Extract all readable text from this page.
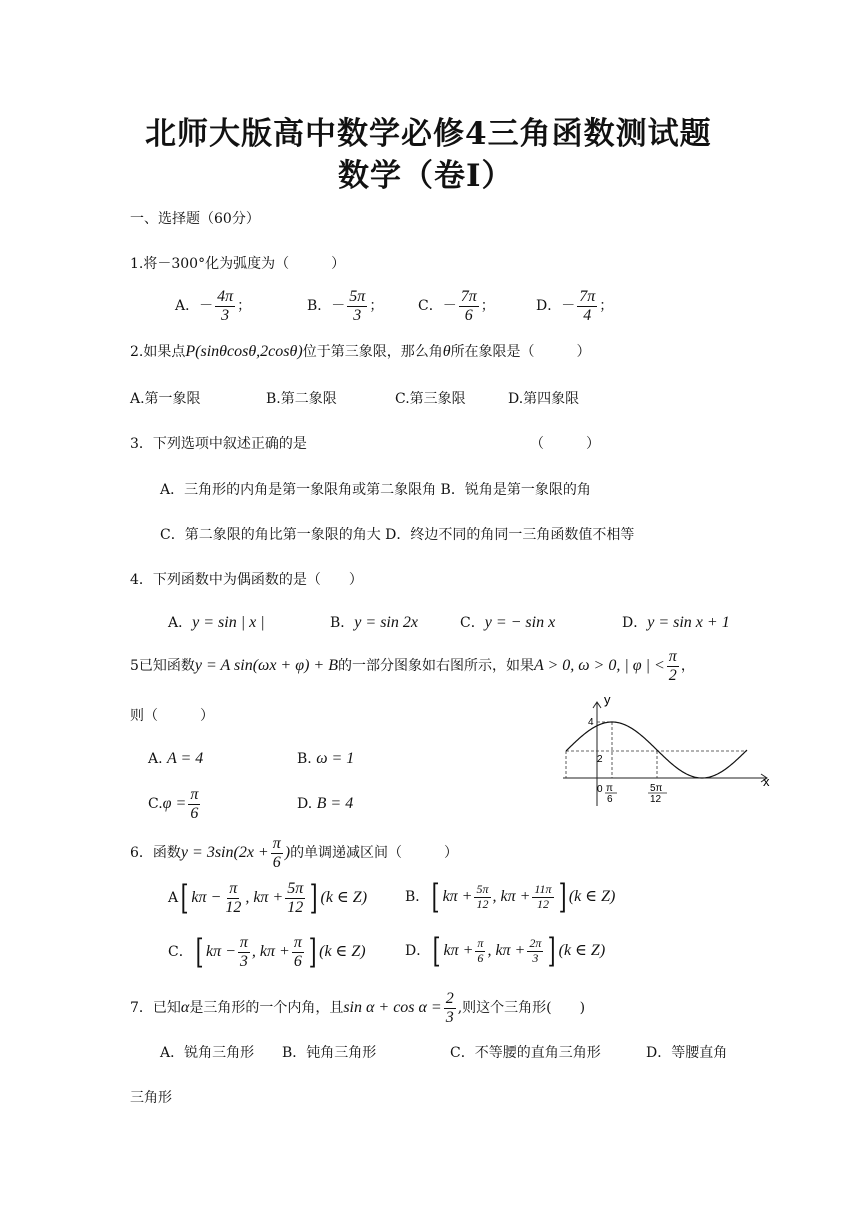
北师大版高中数学必修4三角函数测试题
数学（卷Ⅰ）
一、选择题（60分）
1.将－300°化为弧度为（　　　）
A．－ $\frac{4\pi}{3}$ ；	B．－ $\frac{5\pi}{3}$ ； C．－ $\frac{7\pi}{6}$ ；	D．－ $\frac{7\pi}{4}$ ；
2.如果点P(sinθcosθ,2cosθ)位于第三象限，那么角θ所在象限是（　　　）
A.第一象限	B.第二象限	C.第三象限	D.第四象限
3．下列选项中叙述正确的是	（　　　）
A．三角形的内角是第一象限角或第二象限角 B．锐角是第一象限的角
C．第二象限的角比第一象限的角大 D．终边不同的角同一三角函数值不相等
4．下列函数中为偶函数的是（　　）
A．y = sin | x |	B．y = sin 2x	C．y = − sin x	D．y = sin x + 1
5已知函数y = A sin(ωx + φ) + B的一部分图象如右图所示，如果A > 0, ω > 0, | φ | < $\frac{\pi}{2}$ ，
则（　　　）
A. A = 4	B. ω = 1
$C.\varphi = \frac{\pi}{6}$	D. B = 4
y
x
4
2
0 π
6
5π
12
6．函数$y = 3\sin(2x + \frac{\pi}{6}$ )的单调递减区间（　　　）
A[ $k\pi - \frac{\pi}{12}$ , $k\pi + \frac{5\pi}{12}$ ] (k ∈ Z)	B．[ $k\pi + \frac{5\pi}{12}$ , $k\pi + \frac{11\pi}{12}$ ] (k ∈ Z)
C．[ $k\pi - \frac{\pi}{3}$ , $k\pi + \frac{\pi}{6}$ ] (k ∈ Z)	D．[ $k\pi + \frac{\pi}{6}$ , $k\pi + \frac{2\pi}{3}$ ] (k ∈ Z)
7．已知α是三角形的一个内角，且$\sin \alpha + \cos \alpha = \frac{2}{3}$ ,则这个三角形(　　)
A．锐角三角形 B．钝角三角形	C．不等腰的直角三角形	D．等腰直角
三角形
